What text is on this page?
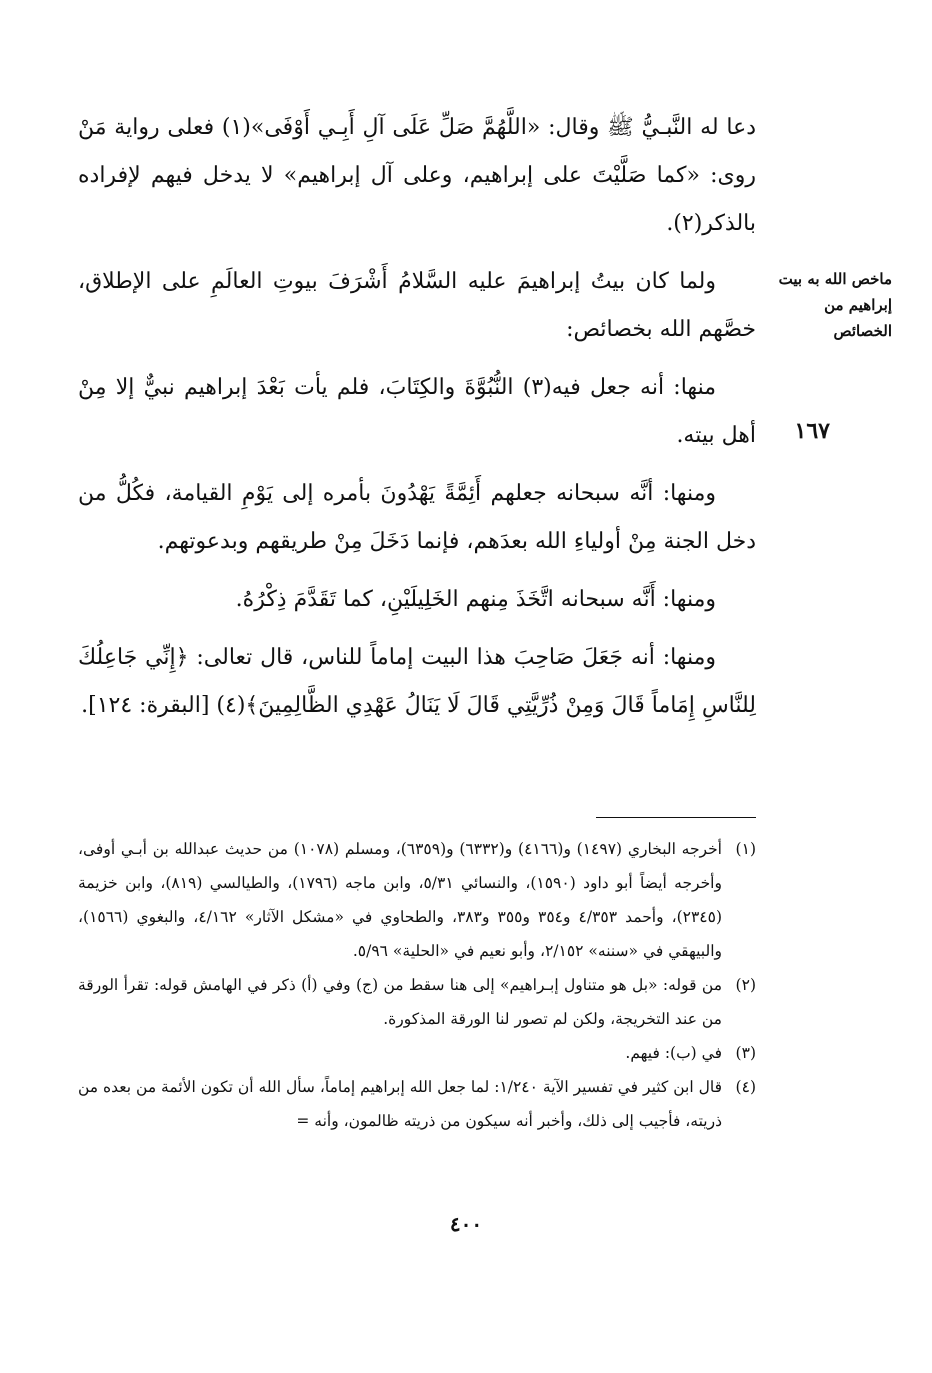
دعا له النَّبـيُّ ﷺ وقال: «اللَّهُمَّ صَلِّ عَلَى آلِ أَبِـي أَوْفَى»(١) فعلى رواية مَنْ روى: «كما صَلَّيْتَ على إبراهيم، وعلى آل إبراهيم» لا يدخل فيهم لإفراده بالذكر(٢).

ولما كان بيتُ إبراهيمَ عليه السَّلامُ أَشْرَفَ بيوتِ العالَمِ على الإطلاق، خصَّهم الله بخصائص:

منها: أنه جعل فيه(٣) النُّبُوَّةَ والكِتَابَ، فلم يأت بَعْدَ إبراهيم نبيٌّ إلا مِنْ أهل بيته.

ومنها: أنَّه سبحانه جعلهم أَئِمَّةً يَهْدُونَ بأمره إلى يَوْمِ القيامة، فكُلُّ من دخل الجنة مِنْ أولياءِ الله بعدَهم، فإنما دَخَلَ مِنْ طريقهم وبدعوتهم.

ومنها: أَنَّه سبحانه اتَّخَذَ مِنهم الخَلِيلَيْنِ، كما تَقَدَّمَ ذِكْرُهُ.

ومنها: أنه جَعَلَ صَاحِبَ هذا البيت إماماً للناس، قال تعالى: ﴿إِنِّي جَاعِلُكَ لِلنَّاسِ إِمَاماً قَالَ وَمِنْ ذُرِّيَّتِي قَالَ لَا يَنَالُ عَهْدِي الظَّالِمِينَ﴾(٤) [البقرة: ١٢٤].

ماخص الله به بيت إبراهيم من الخصائص
١٦٧
(١)
أخرجه البخاري (١٤٩٧) و(٤١٦٦) و(٦٣٣٢) و(٦٣٥٩)، ومسلم (١٠٧٨) من حديث عبدالله بن أبـي أوفى، وأخرجه أيضاً أبو داود (١٥٩٠)، والنسائي ٥/٣١، وابن ماجه (١٧٩٦)، والطيالسي (٨١٩)، وابن خزيمة (٢٣٤٥)، وأحمد ٤/٣٥٣ و٣٥٤ و٣٥٥ و٣٨٣، والطحاوي في «مشكل الآثار» ٤/١٦٢، والبغوي (١٥٦٦)، والبيهقي في «سننه» ٢/١٥٢، وأبو نعيم في «الحلية» ٥/٩٦.
(٢)
من قوله: «بل هو متناول إبـراهيم» إلى هنا سقط من (ج) وفي (أ) ذكر في الهامش قوله: تقرأ الورقة من عند التخريجة، ولكن لم تصور لنا الورقة المذكورة.
(٣)
في (ب): فيهم.
(٤)
قال ابن كثير في تفسير الآية ١/٢٤٠: لما جعل الله إبراهيم إماماً، سأل الله أن تكون الأئمة من بعده من ذريته، فأجيب إلى ذلك، وأخبر أنه سيكون من ذريته ظالمون، وأنه =
٤٠٠
